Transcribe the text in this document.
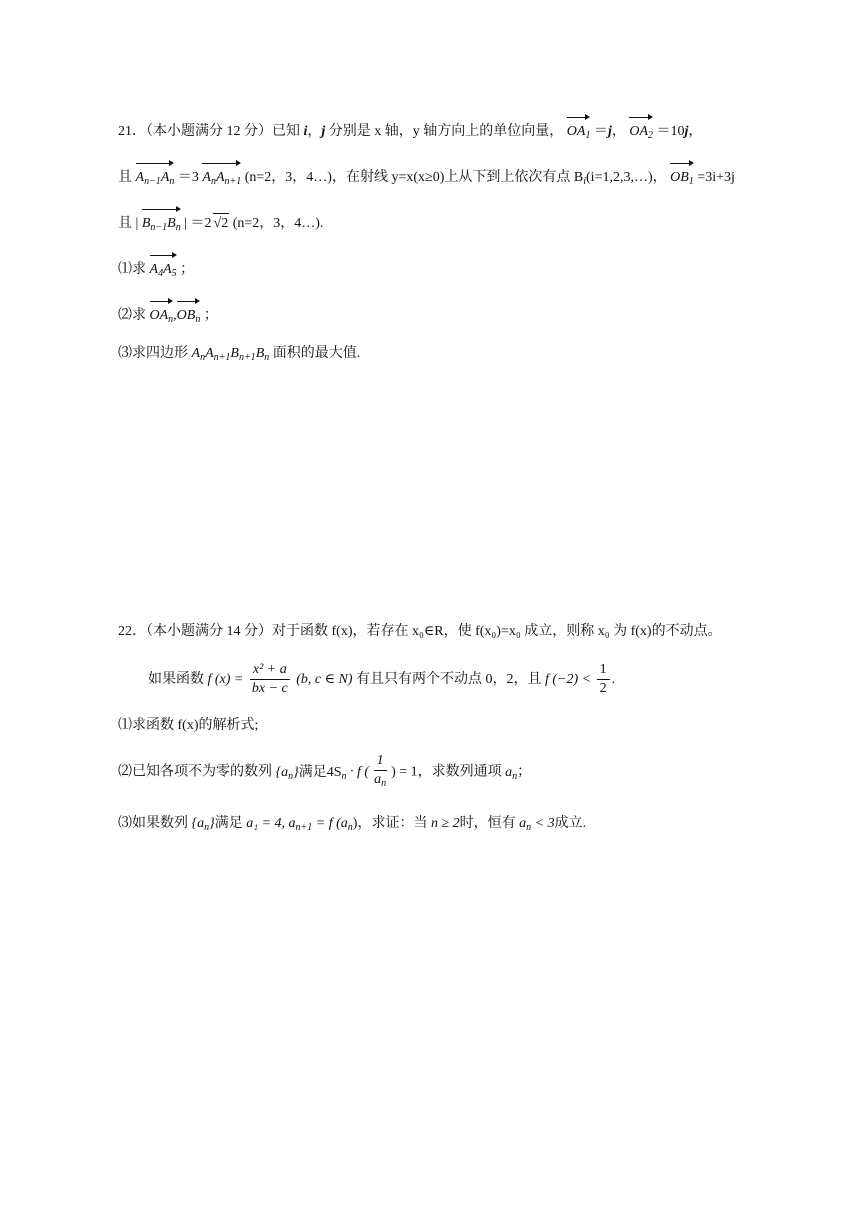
21．（本小题满分 12 分）已知 i，j 分别是 x 轴，y 轴方向上的单位向量， $OA_1 =j$， $OA_2 =10j$，
且 $A_{n-1}A_n =3$ $A_nA_{n+1}$ (n=2，3，4…)，在射线 y=x(x≥0)上从下到上依次有点 $B_i(i=1,2,3,\dots)$， $OB_1 =3i+3j$
且 | $B_{n-1}B_n$ | ＝2 √2 (n=2，3，4…).
⑴求 $A_4A_5$ ；
⑵求 $OA_n,OB_n$ ；
⑶求四边形 $A_nA_{n+1}B_{n+1}B_n$ 面积的最大值.
22．（本小题满分 14 分）对于函数 f(x)，若存在 x₀∈R，使 f(x₀)=x₀ 成立，则称 x₀ 为 f(x)的不动点。
如果函数 f $(x) = \frac{\text{x² + a}}{bx - c} (b$, c ∈ N) 有且只有两个不动点 0，2，且 f $(-2) < \frac{1}{2}$ .
⑴求函数 f(x)的解析式;
⑵已知各项不为零的数列 $\{a_n\}$满足$4S_n \cdot f$ ( $\frac{1}{a_n}$ ) = 1，求数列通项 $a_n$；
⑶如果数列 $\{a_n\}$满足 a₁ = 4, $a_{n+1} = f$ $(a_n)$，求证：当 n ≥ 2时，恒有 $a_n < 3$成立.
